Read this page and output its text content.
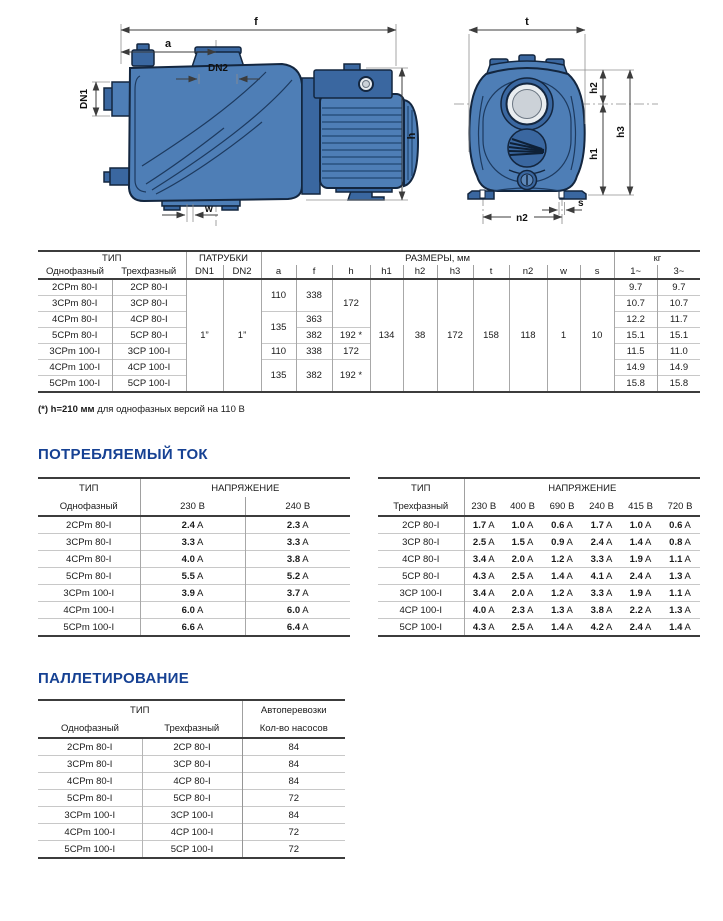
f
a
DN2
DN1
h
w
t
h2
h1
h3
n2
s
ТИП		ПАТРУБКИ		РАЗМЕРЫ, мм										кг	
Однофазный	Трехфазный	DN1	DN2	a	f	h	h1	h2	h3	t	n2	w	s	1~	3~
2CPm 80-I	2CP 80-I	1”	1”	110	338	172	134	38	172	158	118	1	10	9.7	9.7
3CPm 80-I	3CP 80-I													10.7	10.7
4CPm 80-I	4CP 80-I			135	363									12.2	11.7
5CPm 80-I	5CP 80-I				382	192 *								15.1	15.1
3CPm 100-I	3CP 100-I			110	338	172								11.5	11.0
4CPm 100-I	4CP 100-I			135	382	192 *								14.9	14.9
5CPm 100-I	5CP 100-I													15.8	15.8
(*) h=210 мм для однофазных версий на 110 В
ПОТРЕБЛЯЕМЫЙ ТОК
ТИП	НАПРЯЖЕНИЕ	
Однофазный	230 В	240 В
2CPm 80-I	2.4 A	2.3 A
3CPm 80-I	3.3 A	3.3 A
4CPm 80-I	4.0 A	3.8 A
5CPm 80-I	5.5 A	5.2 A
3CPm 100-I	3.9 A	3.7 A
4CPm 100-I	6.0 A	6.0 A
5CPm 100-I	6.6 A	6.4 A
ТИП	НАПРЯЖЕНИЕ					
Трехфазный	230 В	400 В	690 В	240 В	415 В	720 В
2CP 80-I	1.7 A	1.0 A	0.6 A	1.7 A	1.0 A	0.6 A
3CP 80-I	2.5 A	1.5 A	0.9 A	2.4 A	1.4 A	0.8 A
4CP 80-I	3.4 A	2.0 A	1.2 A	3.3 A	1.9 A	1.1 A
5CP 80-I	4.3 A	2.5 A	1.4 A	4.1 A	2.4 A	1.3 A
3CP 100-I	3.4 A	2.0 A	1.2 A	3.3 A	1.9 A	1.1 A
4CP 100-I	4.0 A	2.3 A	1.3 A	3.8 A	2.2 A	1.3 A
5CP 100-I	4.3 A	2.5 A	1.4 A	4.2 A	2.4 A	1.4 A
ПАЛЛЕТИРОВАНИЕ
ТИП		Автоперевозки
Однофазный	Трехфазный	Кол-во насосов
2CPm 80-I	2CP 80-I	84
3CPm 80-I	3CP 80-I	84
4CPm 80-I	4CP 80-I	84
5CPm 80-I	5CP 80-I	72
3CPm 100-I	3CP 100-I	84
4CPm 100-I	4CP 100-I	72
5CPm 100-I	5CP 100-I	72
